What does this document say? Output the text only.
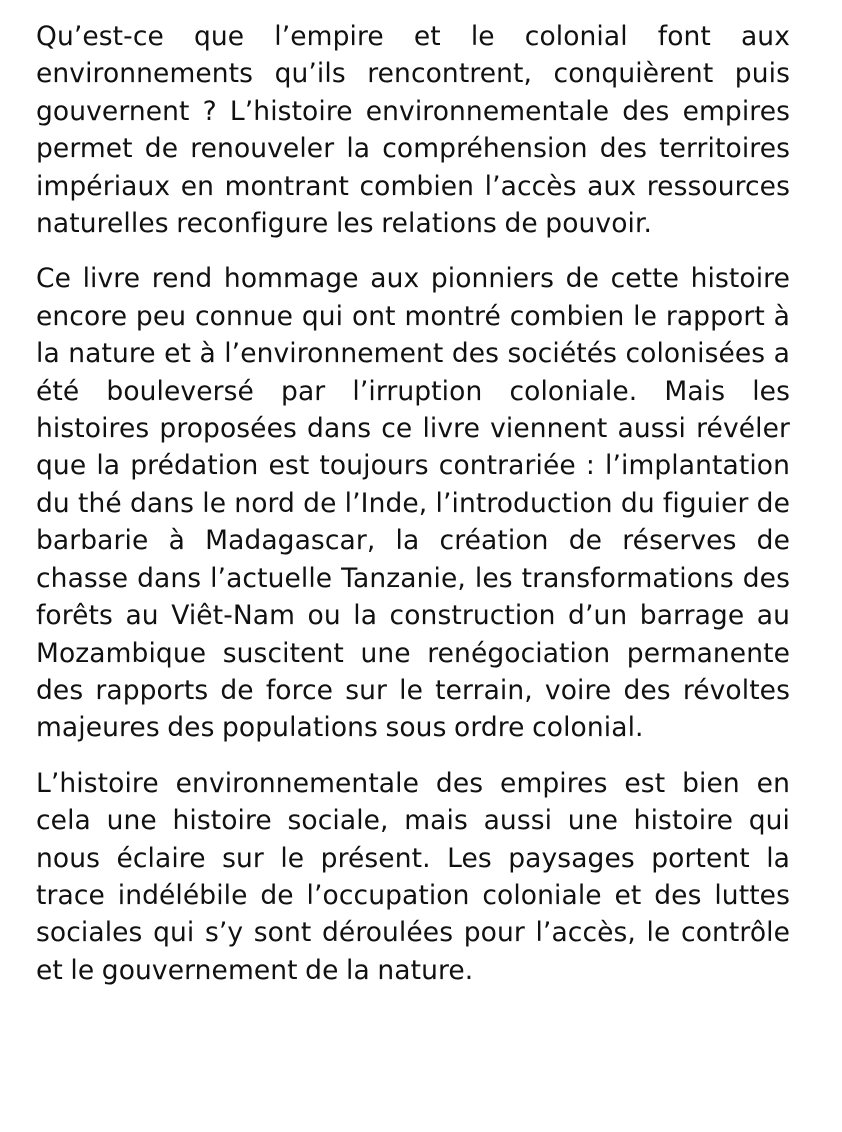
Qu’est-ce que l’empire et le colonial font aux environnements qu’ils rencontrent, conquièrent puis gouvernent ? L’histoire environnementale des empires permet de renouveler la compréhension des territoires impériaux en montrant combien l’accès aux ressources naturelles reconfigure les relations de pouvoir.

Ce livre rend hommage aux pionniers de cette histoire encore peu connue qui ont montré combien le rapport à la nature et à l’environnement des sociétés colonisées a été bouleversé par l’irruption coloniale. Mais les histoires proposées dans ce livre viennent aussi révéler que la prédation est toujours contrariée : l’implantation du thé dans le nord de l’Inde, l’introduction du figuier de barbarie à Madagascar, la création de réserves de chasse dans l’actuelle Tanzanie, les transformations des forêts au Viêt-Nam ou la construction d’un barrage au Mozambique suscitent une renégociation permanente des rapports de force sur le terrain, voire des révoltes majeures des populations sous ordre colonial.

L’histoire environnementale des empires est bien en cela une histoire sociale, mais aussi une histoire qui nous éclaire sur le présent. Les paysages portent la trace indélébile de l’occupation coloniale et des luttes sociales qui s’y sont déroulées pour l’accès, le contrôle et le gouvernement de la nature.
